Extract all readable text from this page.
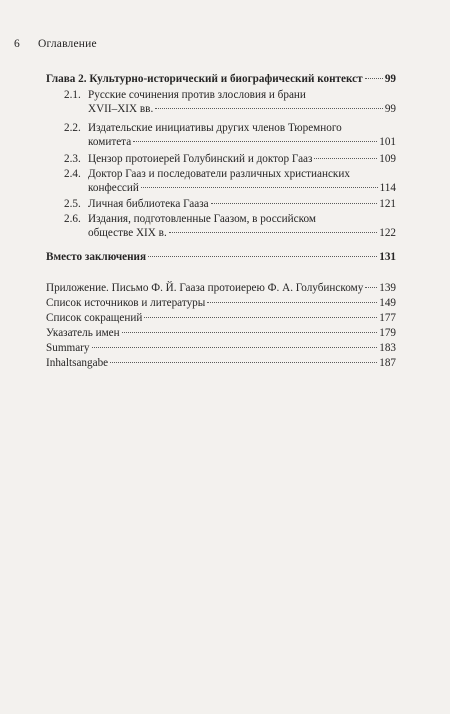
6 Оглавление
Глава 2. Культурно-исторический и биографический контекст 99
2.1. Русские сочинения против злословия и брани
XVII–XIX вв.	99
2.2. Издательские инициативы других членов Тюремного
комитета	101
2.3. Цензор протоиерей Голубинский и доктор Гааз	109
2.4. Доктор Гааз и последователи различных христианских
конфессий	114
2.5. Личная библиотека Гааза	121
2.6. Издания, подготовленные Гаазом, в российском
обществе XIX в.	122
Вместо заключения	131
Приложение. Письмо Ф. Й. Гааза протоиерею Ф. А. Голубинскому 139
Список источников и литературы	149
Список сокращений	177
Указатель имен	179
Summary	183
Inhaltsangabe	187
